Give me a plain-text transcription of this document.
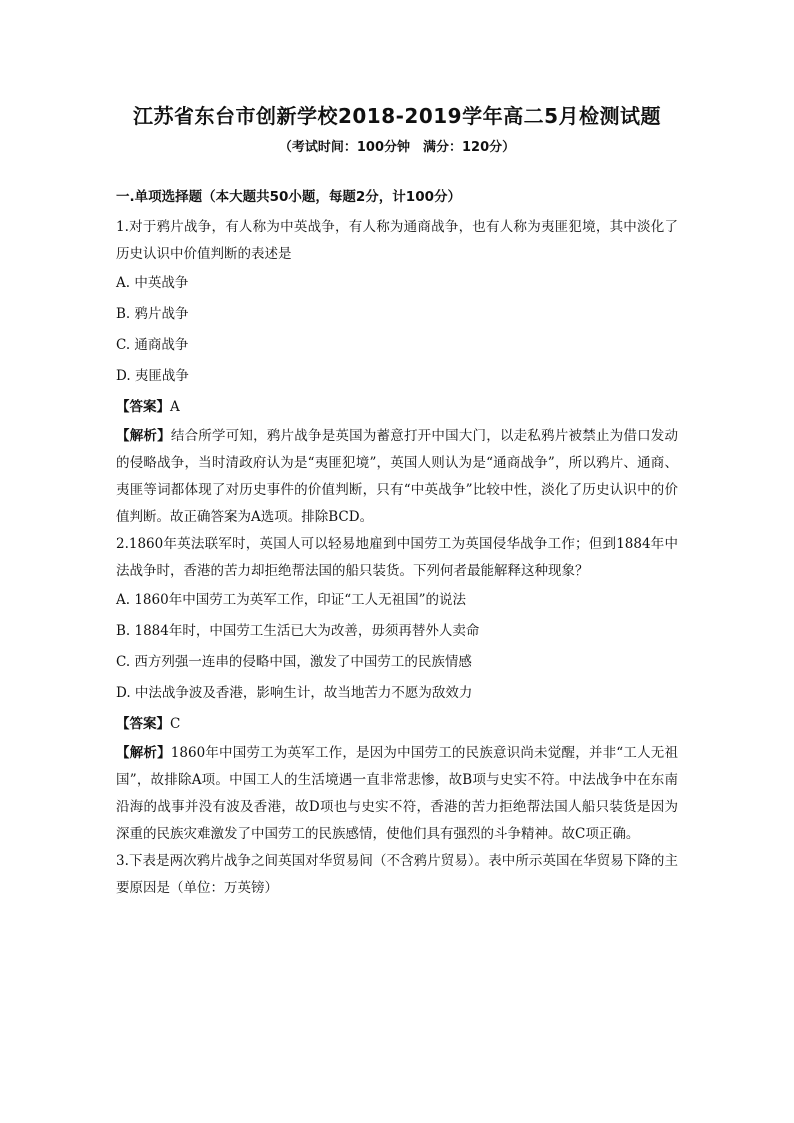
江苏省东台市创新学校2018-2019学年高二5月检测试题
（考试时间：100分钟　满分：120分）
一.单项选择题（本大题共50小题，每题2分，计100分）

1.对于鸦片战争，有人称为中英战争，有人称为通商战争，也有人称为夷匪犯境，其中淡化了历史认识中价值判断的表述是

A. 中英战争

B. 鸦片战争

C. 通商战争

D. 夷匪战争

【答案】A
【解析】结合所学可知，鸦片战争是英国为蓄意打开中国大门，以走私鸦片被禁止为借口发动的侵略战争，当时清政府认为是“夷匪犯境”，英国人则认为是“通商战争”，所以鸦片、通商、夷匪等词都体现了对历史事件的价值判断，只有“中英战争”比较中性，淡化了历史认识中的价值判断。故正确答案为A选项。排除BCD。

2.1860年英法联军时，英国人可以轻易地雇到中国劳工为英国侵华战争工作；但到1884年中法战争时，香港的苦力却拒绝帮法国的船只装货。下列何者最能解释这种现象？

A. 1860年中国劳工为英军工作，印证“工人无祖国”的说法

B. 1884年时，中国劳工生活已大为改善，毋须再替外人卖命

C. 西方列强一连串的侵略中国，激发了中国劳工的民族情感

D. 中法战争波及香港，影响生计，故当地苦力不愿为敌效力

【答案】C
【解析】1860年中国劳工为英军工作，是因为中国劳工的民族意识尚未觉醒，并非“工人无祖国”，故排除A项。中国工人的生活境遇一直非常悲惨，故B项与史实不符。中法战争中在东南沿海的战事并没有波及香港，故D项也与史实不符，香港的苦力拒绝帮法国人船只装货是因为深重的民族灾难激发了中国劳工的民族感情，使他们具有强烈的斗争精神。故C项正确。

3.下表是两次鸦片战争之间英国对华贸易间（不含鸦片贸易）。表中所示英国在华贸易下降的主要原因是（单位：万英镑）
